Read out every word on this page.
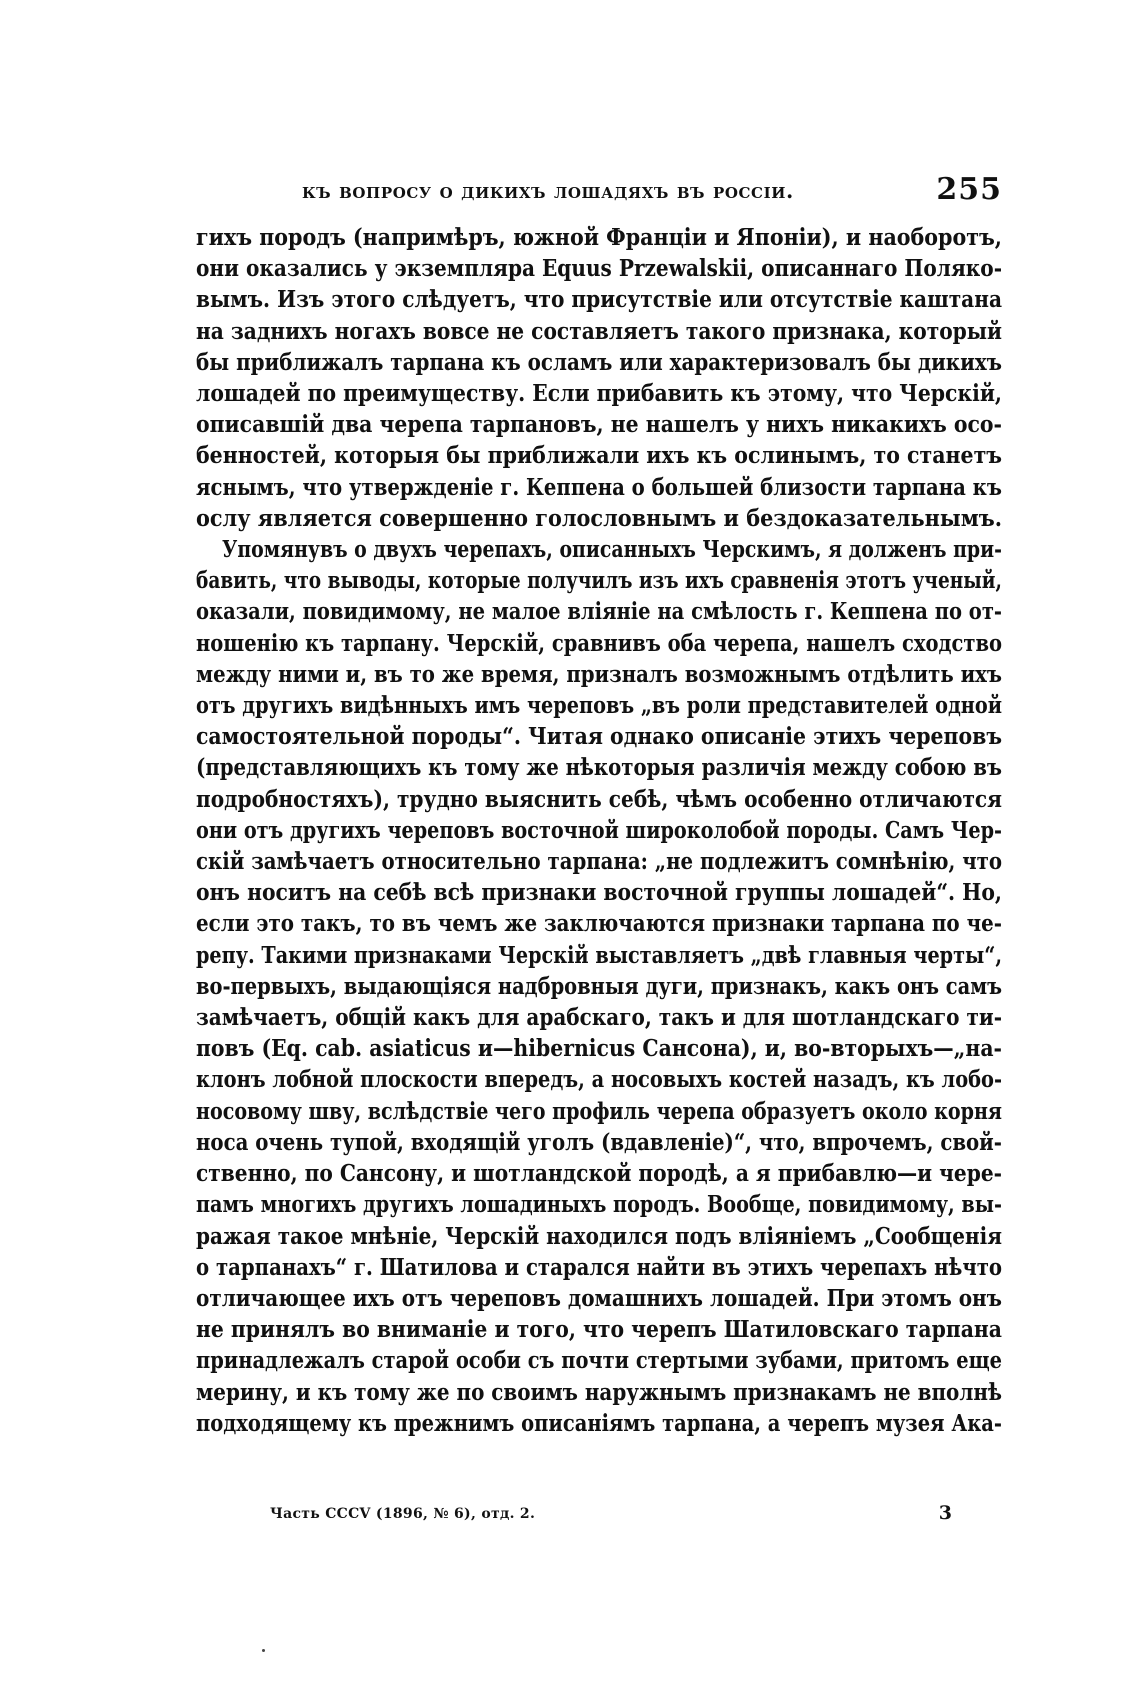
къ вопросу о дикихъ лошадяхъ въ россіи.	255

гихъ породъ (напримѣръ, южной Франціи и Японіи), и наоборотъ,
они оказались у экземпляра Equus Przewalskii, описаннаго Поляко-
вымъ. Изъ этого слѣдуетъ, что присутствіе или отсутствіе каштана
на заднихъ ногахъ вовсе не составляетъ такого признака, который
бы приближалъ тарпана къ осламъ или характеризовалъ бы дикихъ
лошадей по преимуществу. Если прибавить къ этому, что Черскій,
описавшій два черепа тарпановъ, не нашелъ у нихъ никакихъ осо-
бенностей, которыя бы приближали ихъ къ ослинымъ, то станетъ
яснымъ, что утвержденіе г. Кеппена о большей близости тарпана къ
ослу является совершенно голословнымъ и бездоказательнымъ.

Упомянувъ о двухъ черепахъ, описанныхъ Черскимъ, я долженъ при-
бавить, что выводы, которые получилъ изъ ихъ сравненія этотъ ученый,
оказали, повидимому, не малое вліяніе на смѣлость г. Кеппена по от-
ношенію къ тарпану. Черскій, сравнивъ оба черепа, нашелъ сходство
между ними и, въ то же время, призналъ возможнымъ отдѣлить ихъ
отъ другихъ видѣнныхъ имъ череповъ „въ роли представителей одной
самостоятельной породы“. Читая однако описаніе этихъ череповъ
(представляющихъ къ тому же нѣкоторыя различія между собою въ
подробностяхъ), трудно выяснить себѣ, чѣмъ особенно отличаются
они отъ другихъ череповъ восточной широколобой породы. Самъ Чер-
скій замѣчаетъ относительно тарпана: „не подлежитъ сомнѣнію, что
онъ носитъ на себѣ всѣ признаки восточной группы лошадей“. Но,
если это такъ, то въ чемъ же заключаются признаки тарпана по че-
репу. Такими признаками Черскій выставляетъ „двѣ главныя черты“,
во-первыхъ, выдающіяся надбровныя дуги, признакъ, какъ онъ самъ
замѣчаетъ, общій какъ для арабскаго, такъ и для шотландскаго ти-
повъ (Eq. cab. asiaticus и—hibernicus Сансона), и, во-вторыхъ—„на-
клонъ лобной плоскости впередъ, а носовыхъ костей назадъ, къ лобо-
носовому шву, вслѣдствіе чего профиль черепа образуетъ около корня
носа очень тупой, входящій уголъ (вдавленіе)“, что, впрочемъ, свой-
ственно, по Сансону, и шотландской породѣ, а я прибавлю—и чере-
памъ многихъ другихъ лошадиныхъ породъ. Вообще, повидимому, вы-
ражая такое мнѣніе, Черскій находился подъ вліяніемъ „Сообщенія
о тарпанахъ“ г. Шатилова и старался найти въ этихъ черепахъ нѣчто
отличающее ихъ отъ череповъ домашнихъ лошадей. При этомъ онъ
не принялъ во вниманіе и того, что черепъ Шатиловскаго тарпана
принадлежалъ старой особи съ почти стертыми зубами, притомъ еще
мерину, и къ тому же по своимъ наружнымъ признакамъ не вполнѣ
подходящему къ прежнимъ описаніямъ тарпана, а черепъ музея Ака-

Часть CCCV (1896, № 6), отд. 2.	3
